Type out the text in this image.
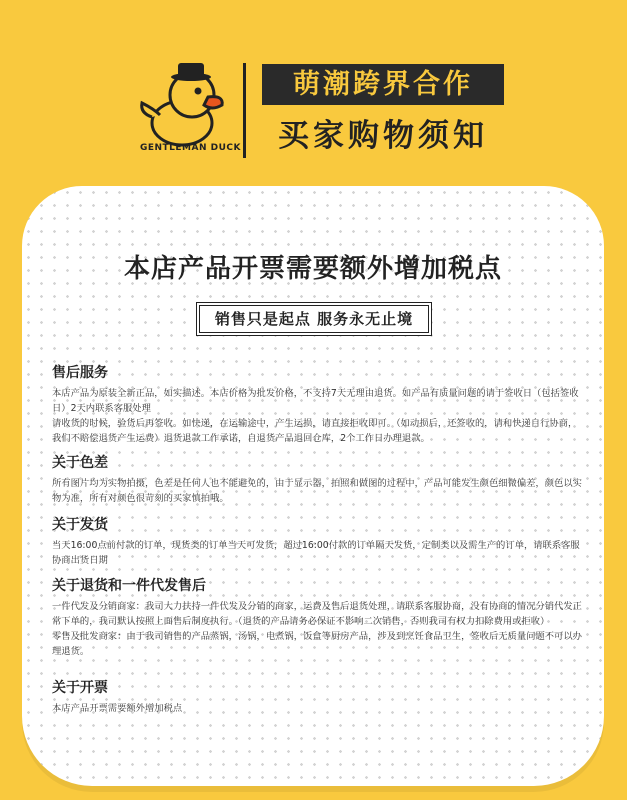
GENTLEMAN DUCK
萌潮跨界合作
买家购物须知
本店产品开票需要额外增加税点
销售只是起点 服务永无止境
售后服务
本店产品为原装全新正品，如实描述。本店价格为批发价格，不支持7天无理由退货。如产品有质量问题的请于签收日（包括签收日）2天内联系客服处理
请收货的时候，验货后再签收。如快递，在运输途中，产生运损，请直接拒收即可。（如动损后，还签收的，请和快递自行协商，我们不赔偿退货产生运费）退货退款工作承诺，自退货产品退回仓库，2个工作日办理退款。
关于色差
所有图片均为实物拍摄，色差是任何人也不能避免的，由于显示器，拍照和做图的过程中，产品可能发生颜色细微偏差，颜色以实物为准，所有对颜色很苛刻的买家慎拍哦。
关于发货
当天16:00点前付款的订单，现货类的订单当天可发货，超过16:00付款的订单隔天发货，定制类以及需生产的订单，请联系客服协商出货日期
关于退货和一件代发售后
一件代发及分销商家：我司大力扶持一件代发及分销的商家，运费及售后退货处理，请联系客服协商，没有协商的情况分销代发正常下单的，我司默认按照上面售后制度执行。（退货的产品请务必保证不影响二次销售，否则我司有权力扣除费用或拒收）
零售及批发商家：由于我司销售的产品蒸锅，汤锅，电煮锅，饭盒等厨房产品，涉及到烹饪食品卫生，签收后无质量问题不可以办理退货。
关于开票
本店产品开票需要额外增加税点
